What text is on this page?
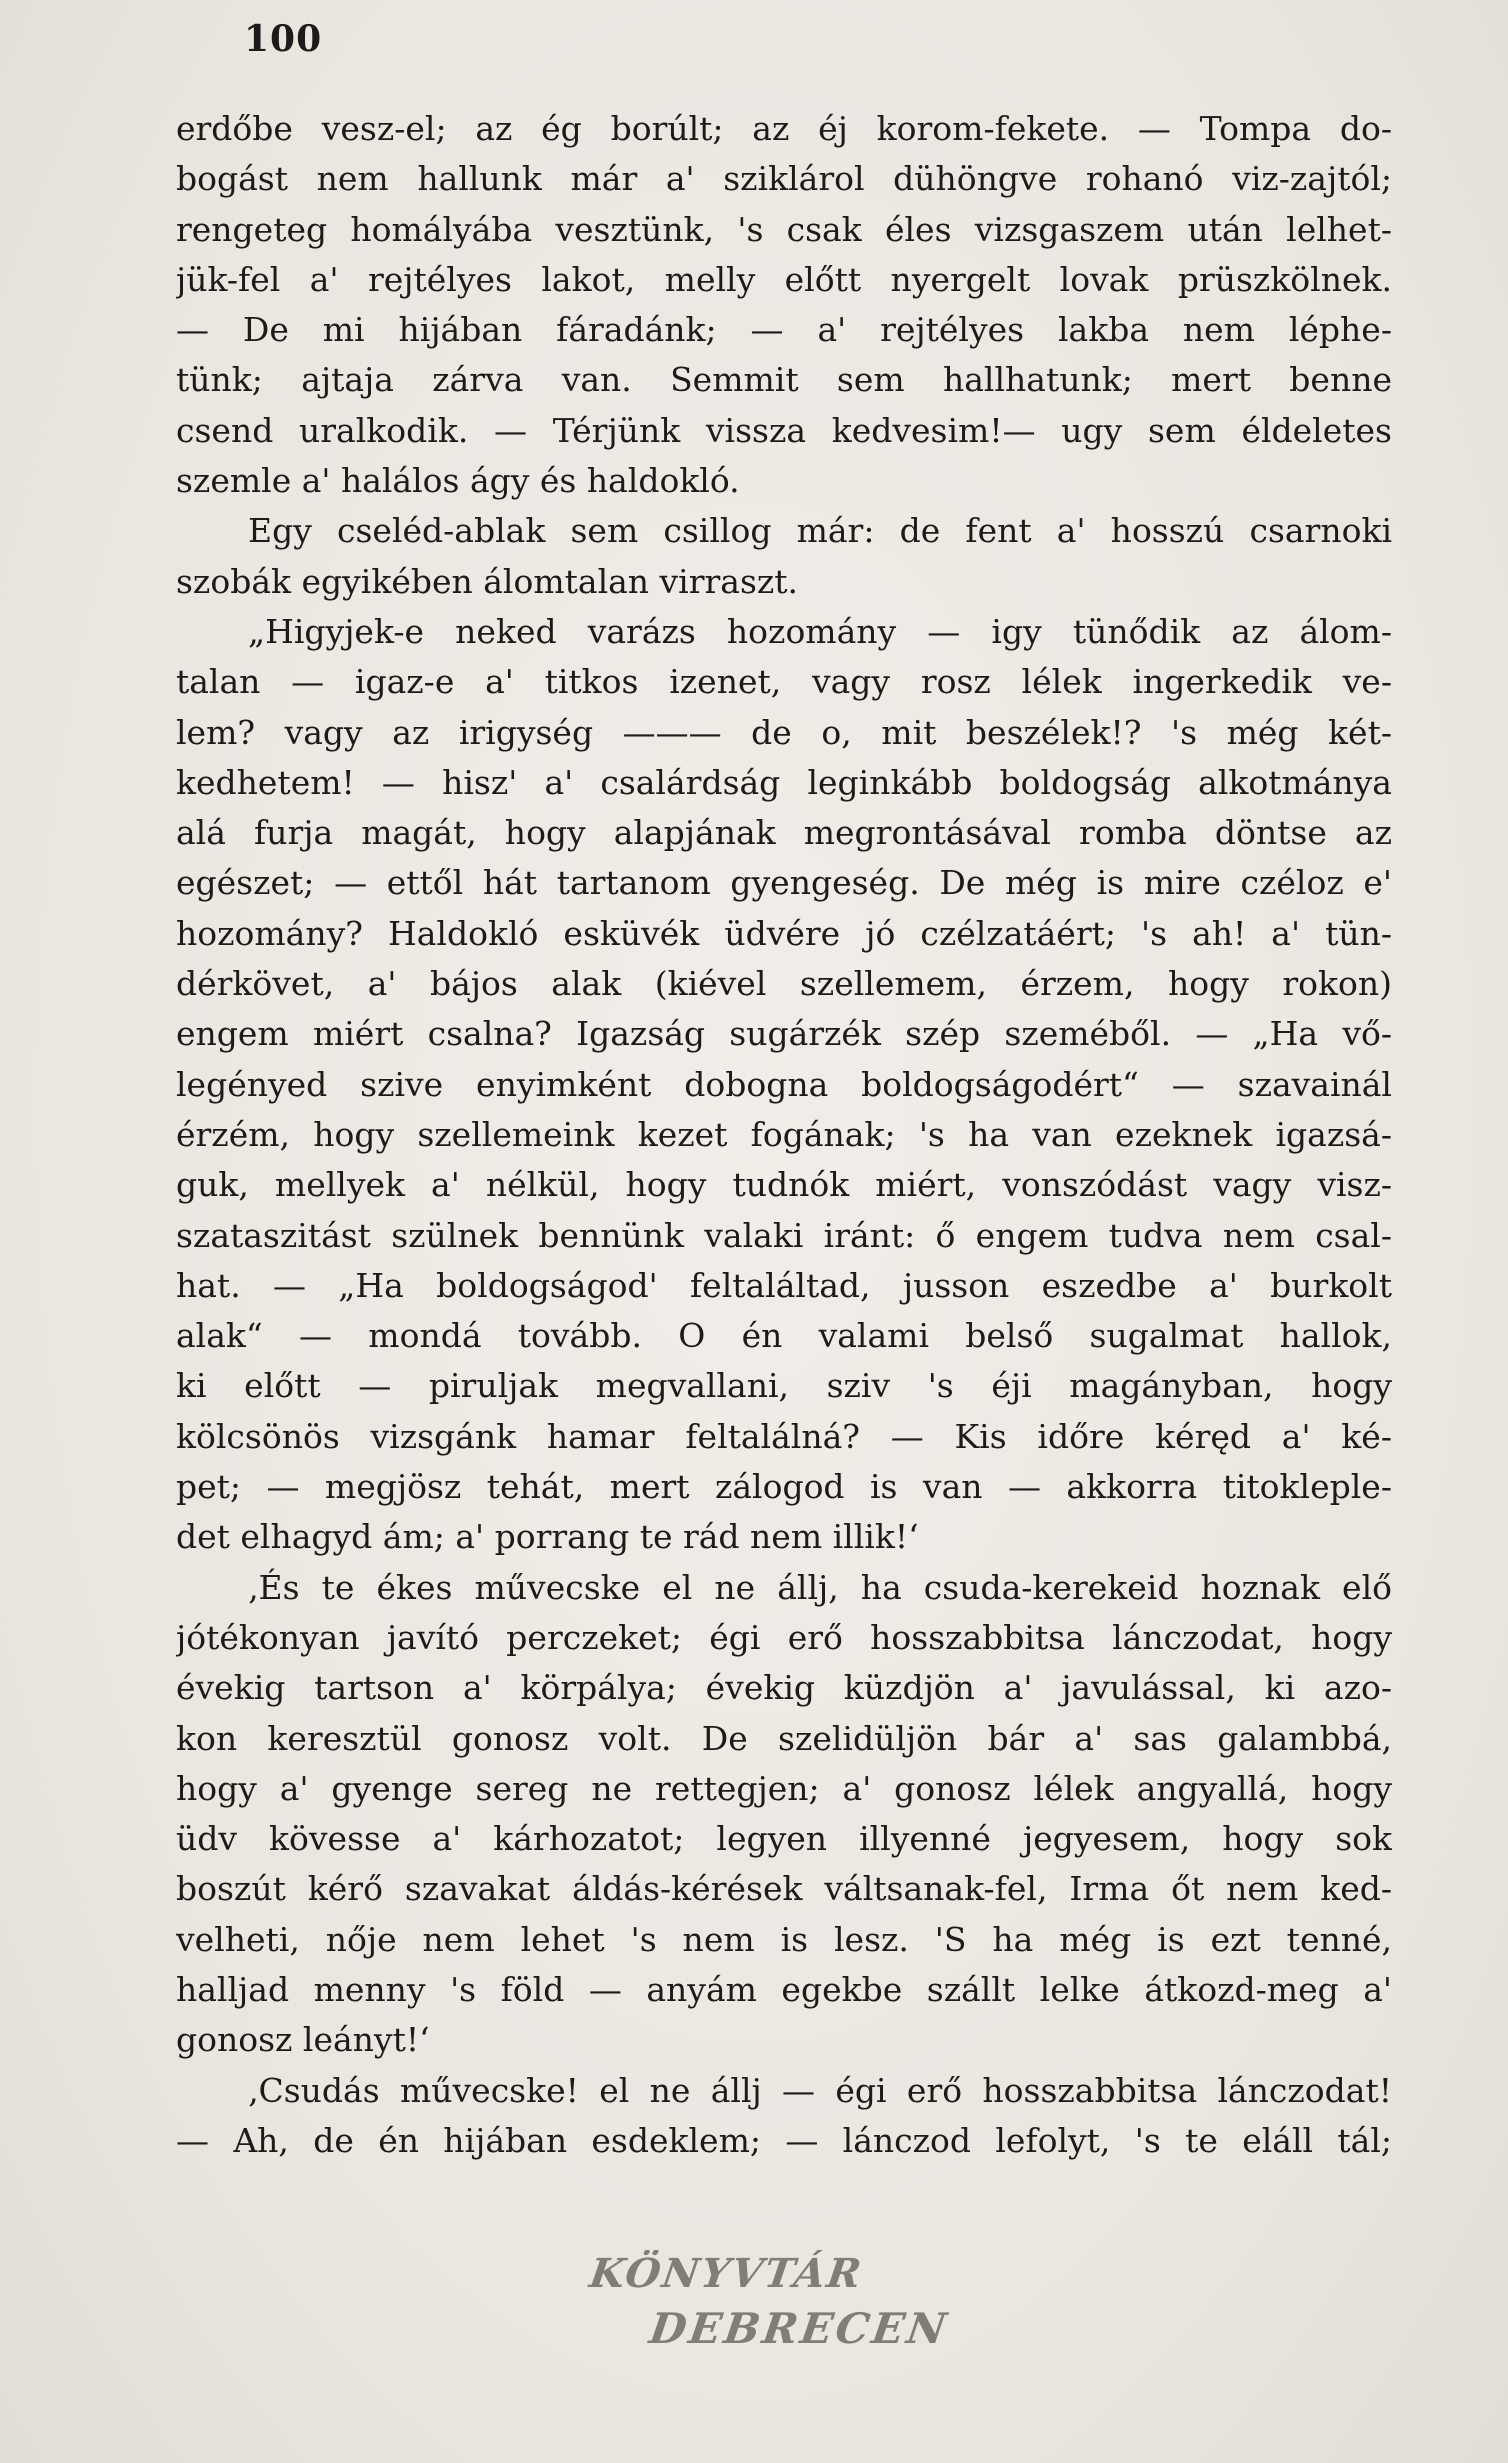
100
erdőbe vesz-el; az ég borúlt; az éj korom-fekete. — Tompa do-
bogást nem hallunk már a' sziklárol dühöngve rohanó viz-zajtól;
rengeteg homályába vesztünk, 's csak éles vizsgaszem után lelhet-
jük-fel a' rejtélyes lakot, melly előtt nyergelt lovak prüszkölnek.
— De mi hijában fáradánk; — a' rejtélyes lakba nem léphe-
tünk; ajtaja zárva van. Semmit sem hallhatunk; mert benne
csend uralkodik. — Térjünk vissza kedvesim!— ugy sem éldeletes
szemle a' halálos ágy és haldokló.
Egy cseléd-ablak sem csillog már: de fent a' hosszú csarnoki
szobák egyikében álomtalan virraszt.
„Higyjek-e neked varázs hozomány — igy tünődik az álom-
talan — igaz-e a' titkos izenet, vagy rosz lélek ingerkedik ve-
lem? vagy az irigység ——— de o, mit beszélek!? 's még két-
kedhetem! — hisz' a' csalárdság leginkább boldogság alkotmánya
alá furja magát, hogy alapjának megrontásával romba döntse az
egészet; — ettől hát tartanom gyengeség. De még is mire czéloz e'
hozomány? Haldokló esküvék üdvére jó czélzatáért; 's ah! a' tün-
dérkövet, a' bájos alak (kiével szellemem, érzem, hogy rokon)
engem miért csalna? Igazság sugárzék szép szeméből. — „Ha vő-
legényed szive enyimként dobogna boldogságodért“ — szavainál
érzém, hogy szellemeink kezet fogának; 's ha van ezeknek igazsá-
guk, mellyek a' nélkül, hogy tudnók miért, vonszódást vagy visz-
szataszitást szülnek bennünk valaki iránt: ő engem tudva nem csal-
hat. — „Ha boldogságod' feltaláltad, jusson eszedbe a' burkolt
alak“ — mondá tovább. O én valami belső sugalmat hallok,
ki előtt — piruljak megvallani, sziv 's éji magányban, hogy
kölcsönös vizsgánk hamar feltalálná? — Kis időre kéręd a' ké-
pet; — megjösz tehát, mert zálogod is van — akkorra titokleple-
det elhagyd ám; a' porrang te rád nem illik!‘
‚És te ékes művecske el ne állj, ha csuda-kerekeid hoznak elő
jótékonyan javító perczeket; égi erő hosszabbitsa lánczodat, hogy
évekig tartson a' körpálya; évekig küzdjön a' javulással, ki azo-
kon keresztül gonosz volt. De szelidüljön bár a' sas galambbá,
hogy a' gyenge sereg ne rettegjen; a' gonosz lélek angyallá, hogy
üdv kövesse a' kárhozatot; legyen illyenné jegyesem, hogy sok
boszút kérő szavakat áldás-kérések váltsanak-fel, Irma őt nem ked-
velheti, nője nem lehet 's nem is lesz. 'S ha még is ezt tenné,
halljad menny 's föld — anyám egekbe szállt lelke átkozd-meg a'
gonosz leányt!‘
‚Csudás művecske! el ne állj — égi erő hosszabbitsa lánczodat!
— Ah, de én hijában esdeklem; — lánczod lefolyt, 's te eláll tál;
KÖNYVTÁR
DEBRECEN
